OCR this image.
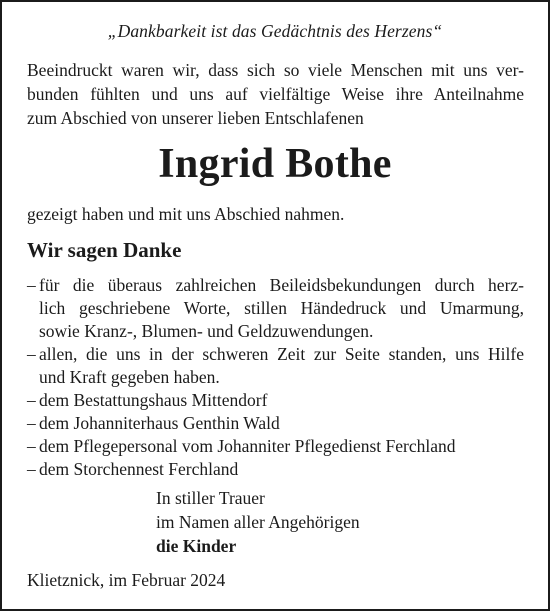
„Dankbarkeit ist das Gedächtnis des Herzens“
Beeindruckt waren wir, dass sich so viele Menschen mit uns ver-
bunden fühlten und uns auf vielfältige Weise ihre Anteilnahme
zum Abschied von unserer lieben Entschlafenen
Ingrid Bothe
gezeigt haben und mit uns Abschied nahmen.
Wir sagen Danke
– für die überaus zahlreichen Beileidsbekundungen durch herz-
lich geschriebene Worte, stillen Händedruck und Umarmung,
sowie Kranz-, Blumen- und Geldzuwendungen.
– allen, die uns in der schweren Zeit zur Seite standen, uns Hilfe
und Kraft gegeben haben.
– dem Bestattungshaus Mittendorf
– dem Johanniterhaus Genthin Wald
– dem Pflegepersonal vom Johanniter Pflegedienst Ferchland
– dem Storchennest Ferchland
In stiller Trauer
im Namen aller Angehörigen
die Kinder
Klietznick, im Februar 2024
